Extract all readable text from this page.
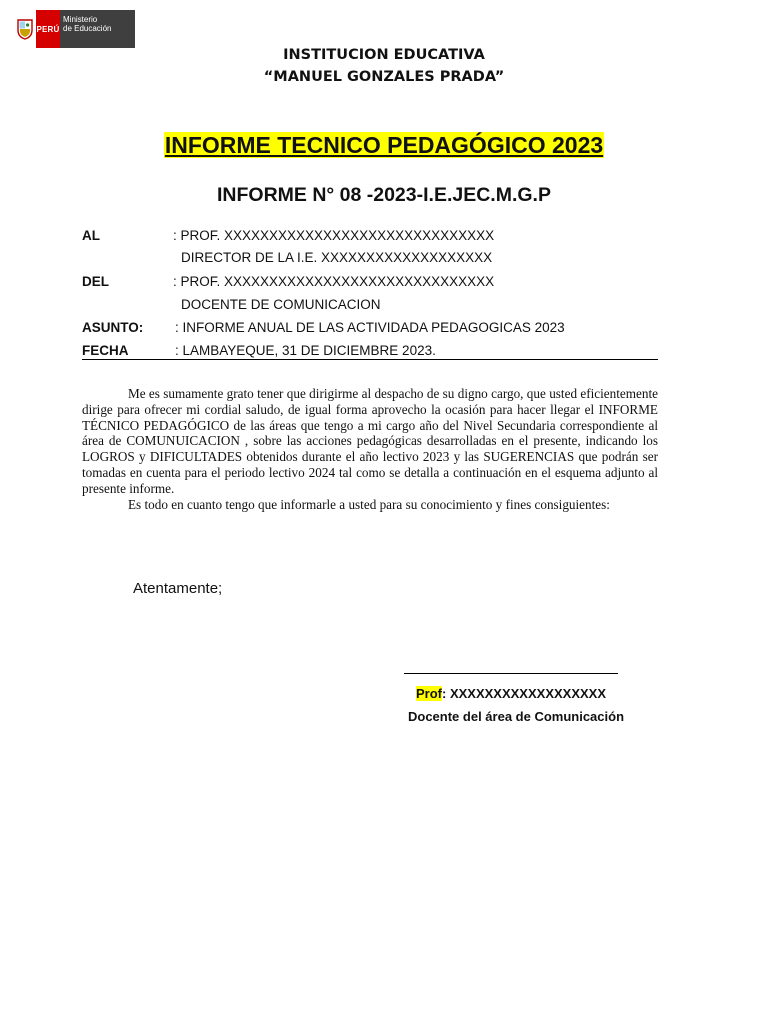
PERÚ
Ministerio
de Educación
INSTITUCION EDUCATIVA
“MANUEL GONZALES PRADA”
INFORME TECNICO PEDAGÓGICO 2023
INFORME N° 08 -2023-I.E.JEC.M.G.P
AL	: PROF. XXXXXXXXXXXXXXXXXXXXXXXXXXXXXX
DIRECTOR DE LA I.E. XXXXXXXXXXXXXXXXXXX
DEL	: PROF. XXXXXXXXXXXXXXXXXXXXXXXXXXXXXX
DOCENTE DE COMUNICACION
ASUNTO: : INFORME ANUAL DE LAS ACTIVIDADA PEDAGOGICAS 2023
FECHA	: LAMBAYEQUE, 31 DE DICIEMBRE 2023.

Me es sumamente grato tener que dirigirme al despacho de su digno cargo, que usted eficientemente dirige para ofrecer mi cordial saludo, de igual forma aprovecho la ocasión para hacer llegar el INFORME TÉCNICO PEDAGÓGICO de las áreas que tengo a mi cargo año del Nivel Secundaria correspondiente al área de COMUNUICACION , sobre las acciones pedagógicas desarrolladas en el presente, indicando los LOGROS y DIFICULTADES obtenidos durante el año lectivo 2023 y las SUGERENCIAS que podrán ser tomadas en cuenta para el periodo lectivo 2024 tal como se detalla a continuación en el esquema adjunto al presente informe.

Es todo en cuanto tengo que informarle a usted para su conocimiento y fines consiguientes:

Atentamente;
Prof: XXXXXXXXXXXXXXXXXX
Docente del área de Comunicación
